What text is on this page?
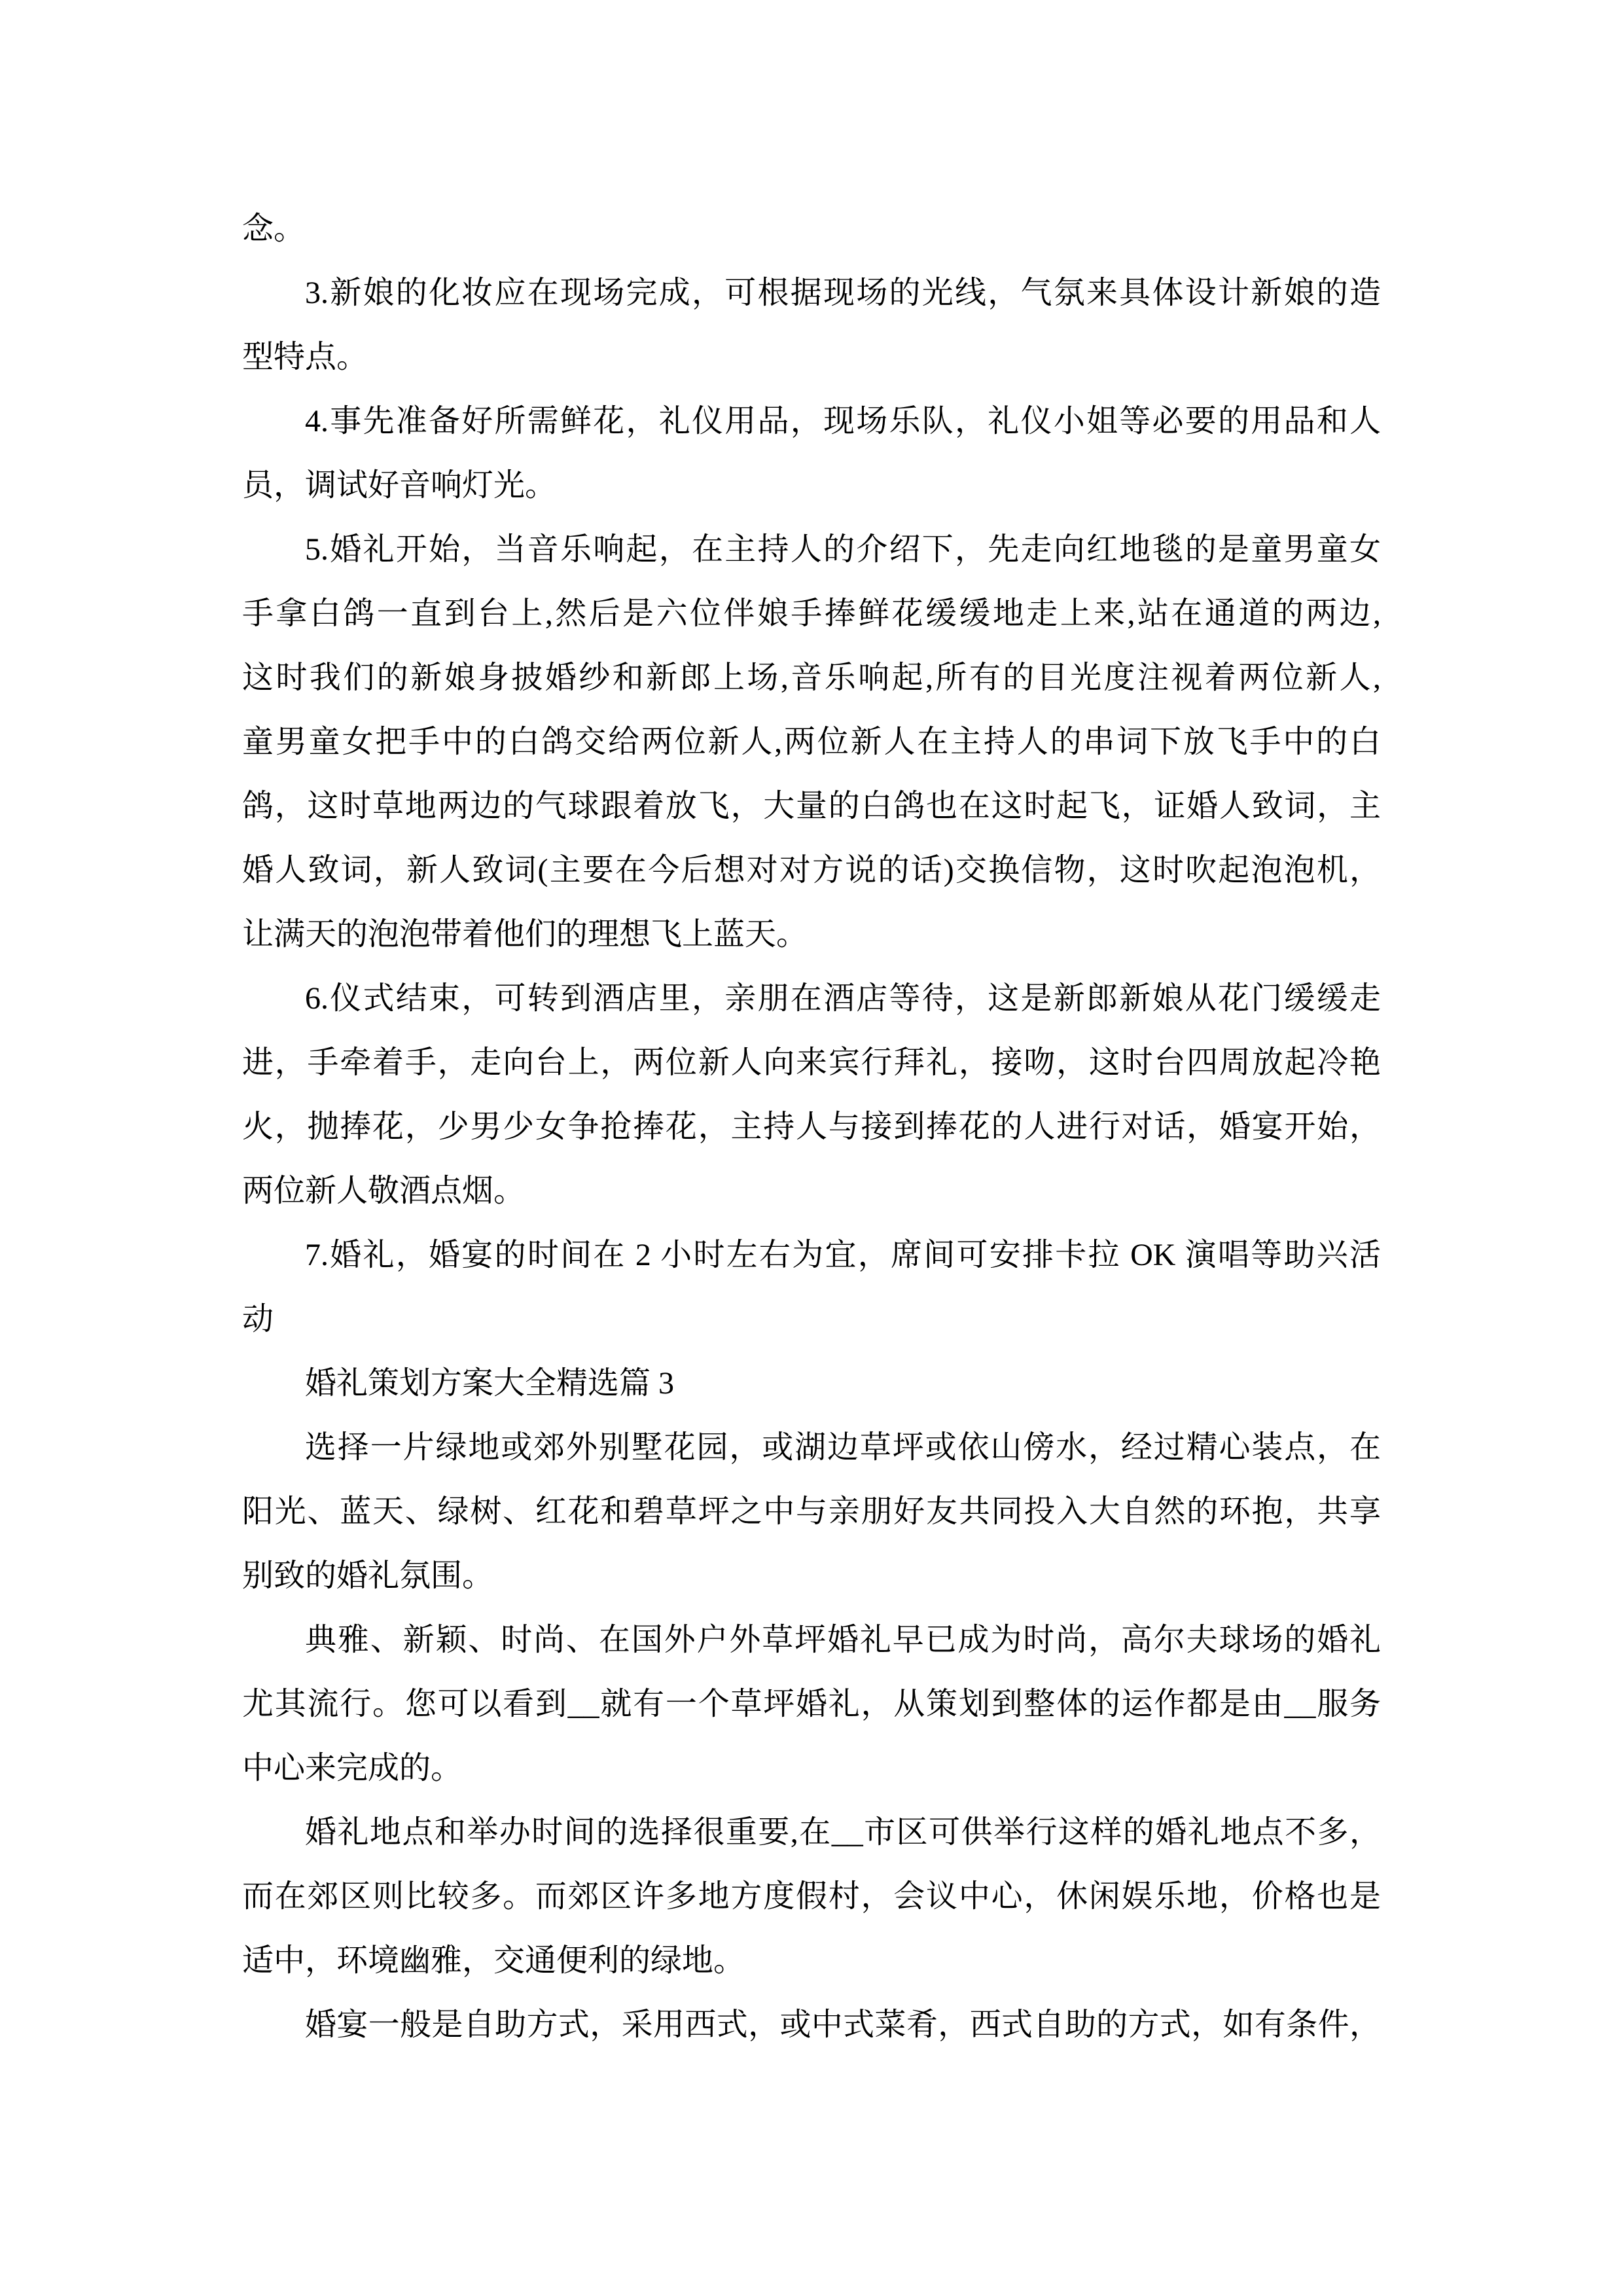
念。
3.新娘的化妆应在现场完成，可根据现场的光线，气氛来具体设计新娘的造
型特点。
4.事先准备好所需鲜花，礼仪用品，现场乐队，礼仪小姐等必要的用品和人
员，调试好音响灯光。
5.婚礼开始，当音乐响起，在主持人的介绍下，先走向红地毯的是童男童女
手拿白鸽一直到台上,然后是六位伴娘手捧鲜花缓缓地走上来,站在通道的两边,
这时我们的新娘身披婚纱和新郎上场,音乐响起,所有的目光度注视着两位新人,
童男童女把手中的白鸽交给两位新人,两位新人在主持人的串词下放飞手中的白
鸽，这时草地两边的气球跟着放飞，大量的白鸽也在这时起飞，证婚人致词，主
婚人致词，新人致词(主要在今后想对对方说的话)交换信物，这时吹起泡泡机，
让满天的泡泡带着他们的理想飞上蓝天。
6.仪式结束，可转到酒店里，亲朋在酒店等待，这是新郎新娘从花门缓缓走
进，手牵着手，走向台上，两位新人向来宾行拜礼，接吻，这时台四周放起冷艳
火，抛捧花，少男少女争抢捧花，主持人与接到捧花的人进行对话，婚宴开始，
两位新人敬酒点烟。
7.婚礼，婚宴的时间在 2 小时左右为宜，席间可安排卡拉 OK 演唱等助兴活
动
婚礼策划方案大全精选篇 3
选择一片绿地或郊外别墅花园，或湖边草坪或依山傍水，经过精心装点，在
阳光、蓝天、绿树、红花和碧草坪之中与亲朋好友共同投入大自然的环抱，共享
别致的婚礼氛围。
典雅、新颖、时尚、在国外户外草坪婚礼早已成为时尚，高尔夫球场的婚礼
尤其流行。您可以看到__就有一个草坪婚礼，从策划到整体的运作都是由__服务
中心来完成的。
婚礼地点和举办时间的选择很重要,在__市区可供举行这样的婚礼地点不多，
而在郊区则比较多。而郊区许多地方度假村，会议中心，休闲娱乐地，价格也是
适中，环境幽雅，交通便利的绿地。
婚宴一般是自助方式，采用西式，或中式菜肴，西式自助的方式，如有条件，
